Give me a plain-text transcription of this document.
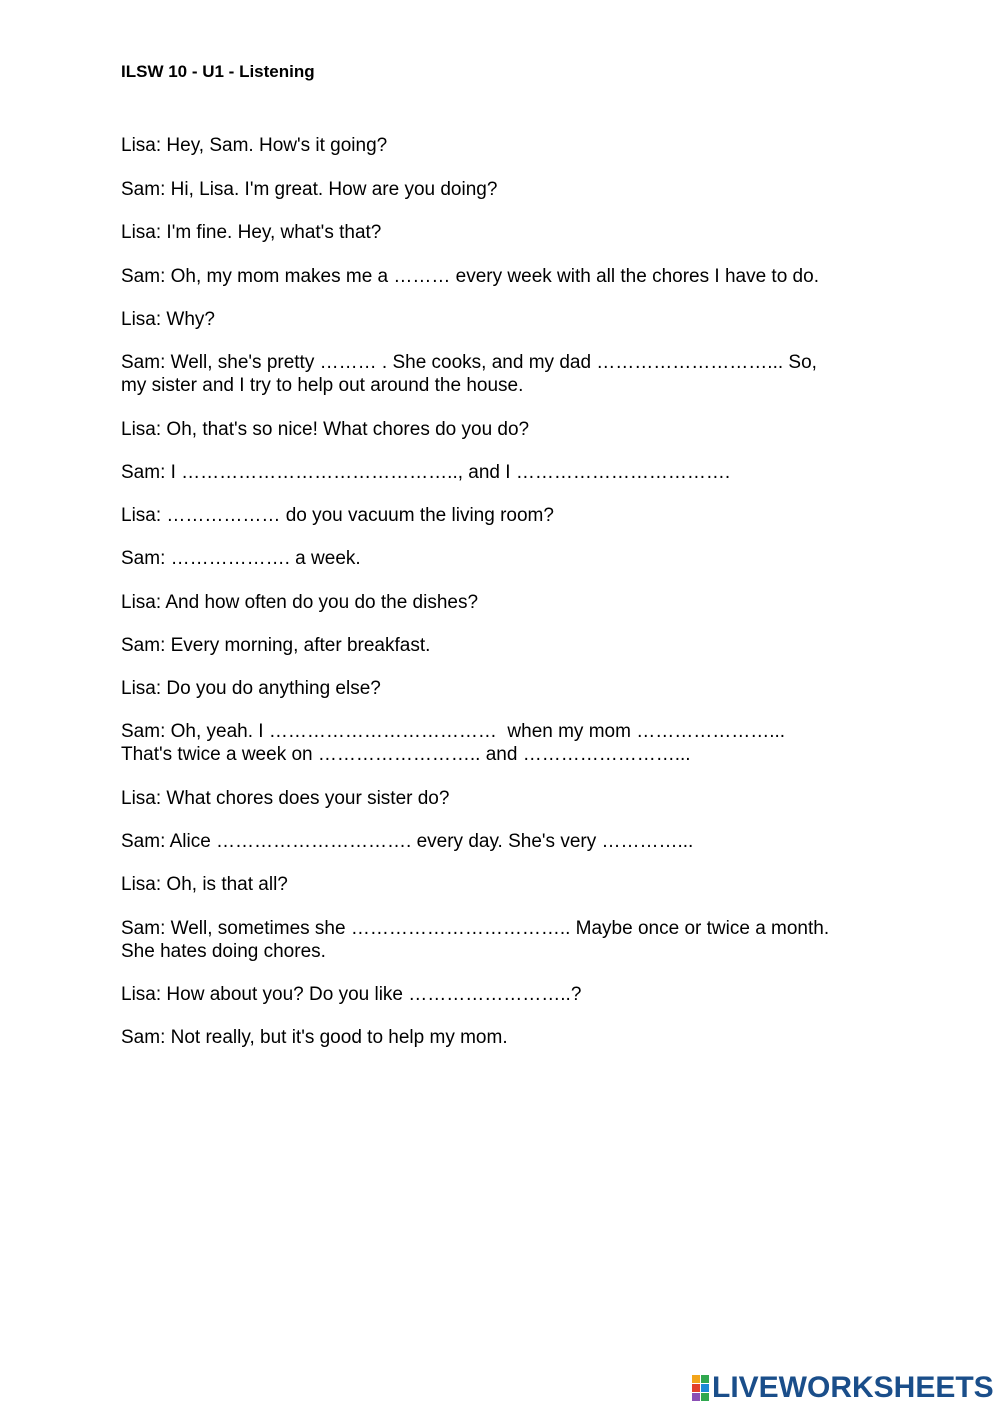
ILSW 10 - U1 - Listening

Lisa: Hey, Sam. How's it going?

Sam: Hi, Lisa. I'm great. How are you doing?

Lisa: I'm fine. Hey, what's that?

Sam: Oh, my mom makes me a ……… every week with all the chores I have to do.

Lisa: Why?

Sam: Well, she's pretty ……… . She cooks, and my dad ………………………... So,
my sister and I try to help out around the house.

Lisa: Oh, that's so nice! What chores do you do?

Sam: I …………………………………….., and I …………………………….

Lisa: ……………… do you vacuum the living room?

Sam: ………………. a week.

Lisa: And how often do you do the dishes?

Sam: Every morning, after breakfast.

Lisa: Do you do anything else?

Sam: Oh, yeah. I ………………………………  when my mom …………………...
That's twice a week on …………………….. and ……………………...

Lisa: What chores does your sister do?

Sam: Alice …………………………. every day. She's very …………...

Lisa: Oh, is that all?

Sam: Well, sometimes she …………………………….. Maybe once or twice a month.
She hates doing chores.

Lisa: How about you? Do you like ……………………..?

Sam: Not really, but it's good to help my mom.

LIVEWORKSHEETS
